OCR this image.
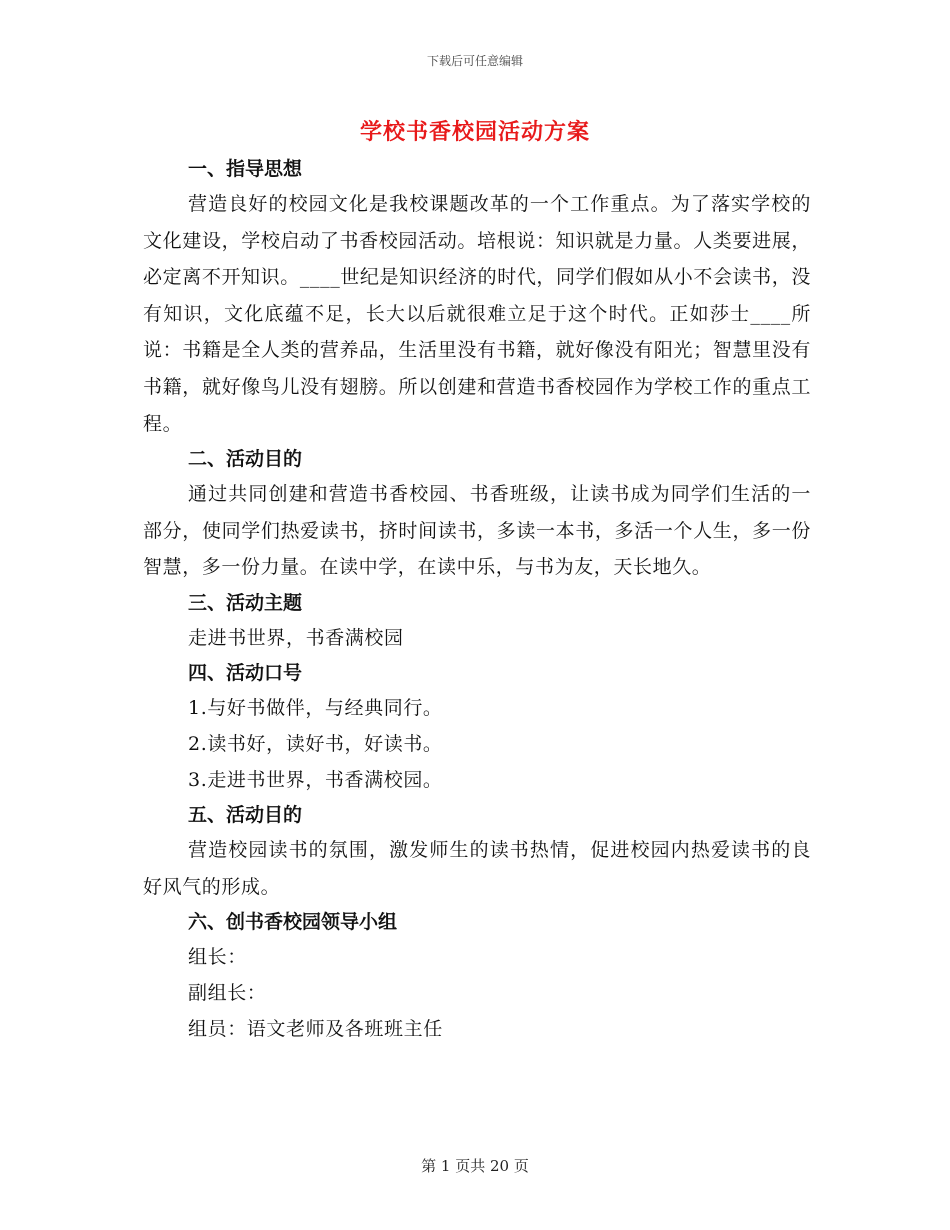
下载后可任意编辑
学校书香校园活动方案
一、指导思想

营造良好的校园文化是我校课题改革的一个工作重点。为了落实学校的文化建设，学校启动了书香校园活动。培根说：知识就是力量。人类要进展，必定离不开知识。____世纪是知识经济的时代，同学们假如从小不会读书，没有知识，文化底蕴不足，长大以后就很难立足于这个时代。正如莎士____所说：书籍是全人类的营养品，生活里没有书籍，就好像没有阳光；智慧里没有书籍，就好像鸟儿没有翅膀。所以创建和营造书香校园作为学校工作的重点工程。

二、活动目的

通过共同创建和营造书香校园、书香班级，让读书成为同学们生活的一部分，使同学们热爱读书，挤时间读书，多读一本书，多活一个人生，多一份智慧，多一份力量。在读中学，在读中乐，与书为友，天长地久。

三、活动主题
走进书世界，书香满校园
四、活动口号
1.与好书做伴，与经典同行。
2.读书好，读好书，好读书。
3.走进书世界，书香满校园。
五、活动目的

营造校园读书的氛围，激发师生的读书热情，促进校园内热爱读书的良好风气的形成。

六、创书香校园领导小组
组长：
副组长：
组员：语文老师及各班班主任
第 1 页共 20 页
